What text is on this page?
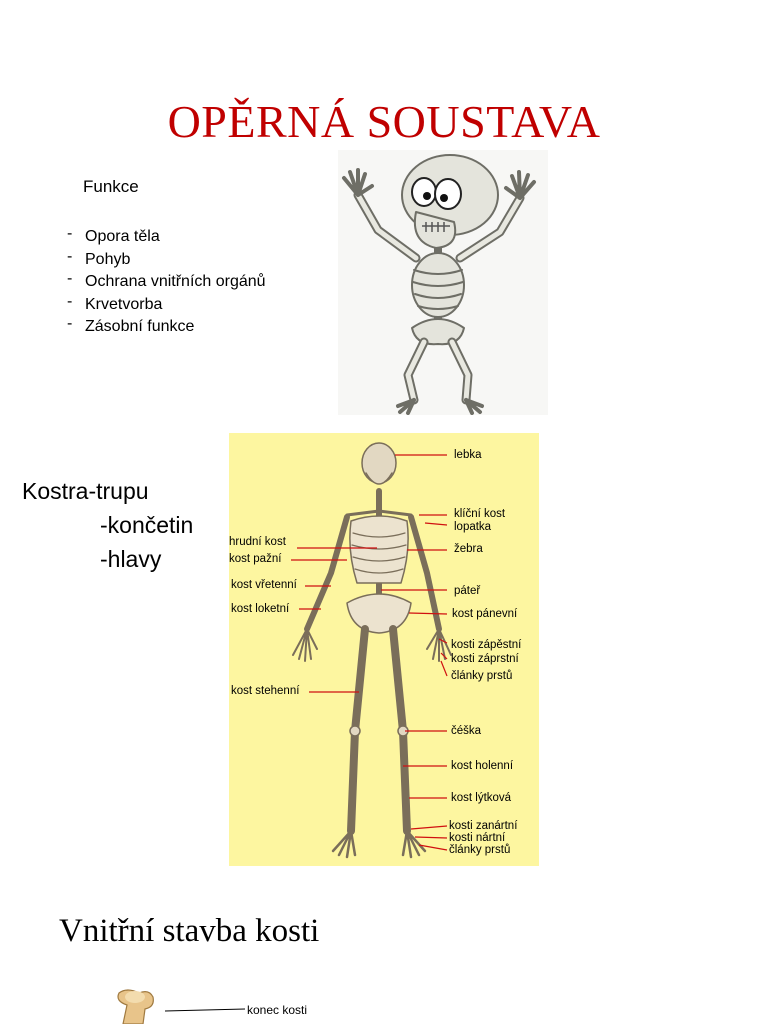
OPĚRNÁ SOUSTAVA
Funkce
- Opora těla
- Pohyb
- Ochrana vnitřních orgánů
- Krvetvorba
- Zásobní funkce
Kostra-trupu
-končetin
-hlavy
hrudní kost
kost pažní
kost vřetenní
kost loketní
kost stehenní
lebka
klíční kost
lopatka
žebra
páteř
kost pánevní
kosti zápěstní
kosti záprstní
články prstů
čéška
kost holenní
kost lýtková
kosti zanártní
kosti nártní
články prstů
Vnitřní stavba kosti
konec kosti
